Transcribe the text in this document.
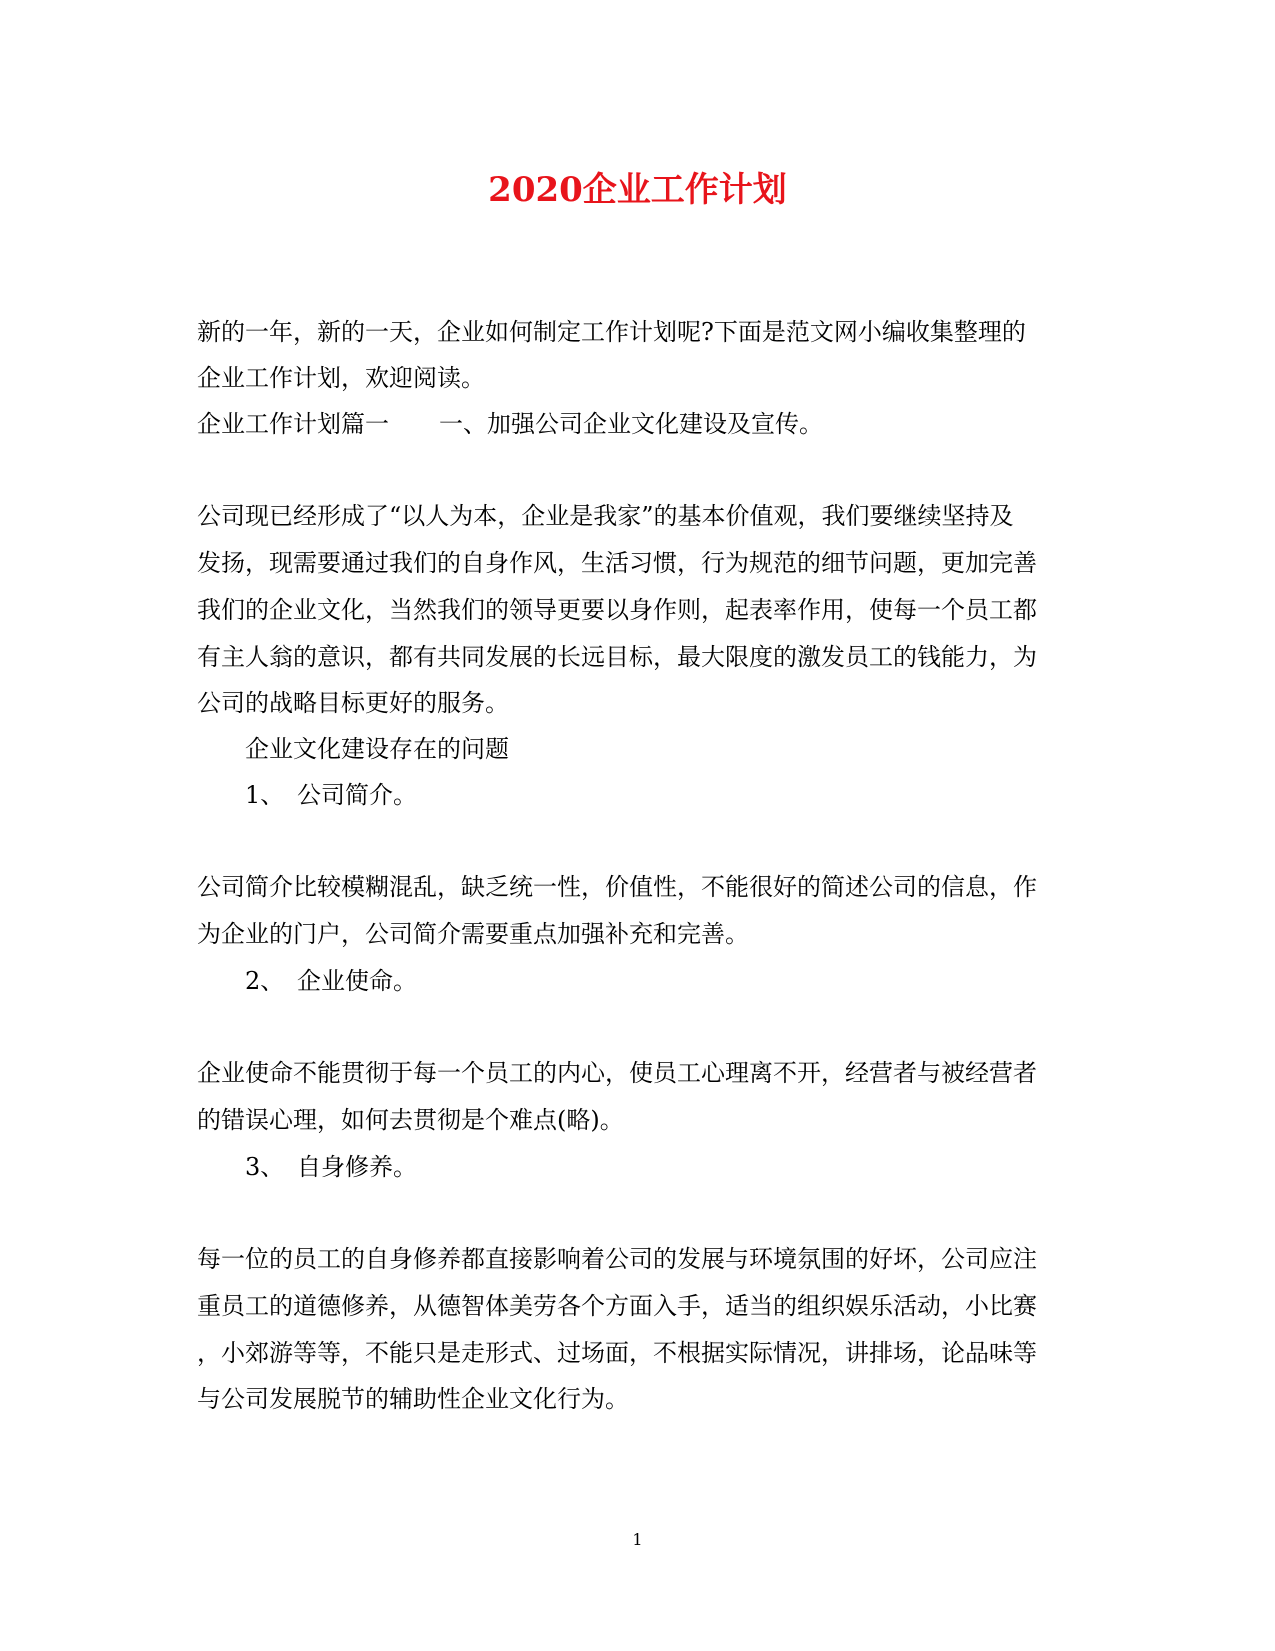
2020企业工作计划
新的一年，新的一天，企业如何制定工作计划呢?下面是范文网小编收集整理的
企业工作计划，欢迎阅读。
企业工作计划篇一 一、加强公司企业文化建设及宣传。
公司现已经形成了“以人为本，企业是我家”的基本价值观，我们要继续坚持及
发扬，现需要通过我们的自身作风，生活习惯，行为规范的细节问题，更加完善
我们的企业文化，当然我们的领导更要以身作则，起表率作用，使每一个员工都
有主人翁的意识，都有共同发展的长远目标，最大限度的激发员工的钱能力，为
公司的战略目标更好的服务。
企业文化建设存在的问题
1、 公司简介。
公司简介比较模糊混乱，缺乏统一性，价值性，不能很好的简述公司的信息，作
为企业的门户，公司简介需要重点加强补充和完善。
2、 企业使命。
企业使命不能贯彻于每一个员工的内心，使员工心理离不开，经营者与被经营者
的错误心理，如何去贯彻是个难点(略)。
3、 自身修养。
每一位的员工的自身修养都直接影响着公司的发展与环境氛围的好坏，公司应注
重员工的道德修养，从德智体美劳各个方面入手，适当的组织娱乐活动，小比赛
，小郊游等等，不能只是走形式、过场面，不根据实际情况，讲排场，论品味等
与公司发展脱节的辅助性企业文化行为。
1
